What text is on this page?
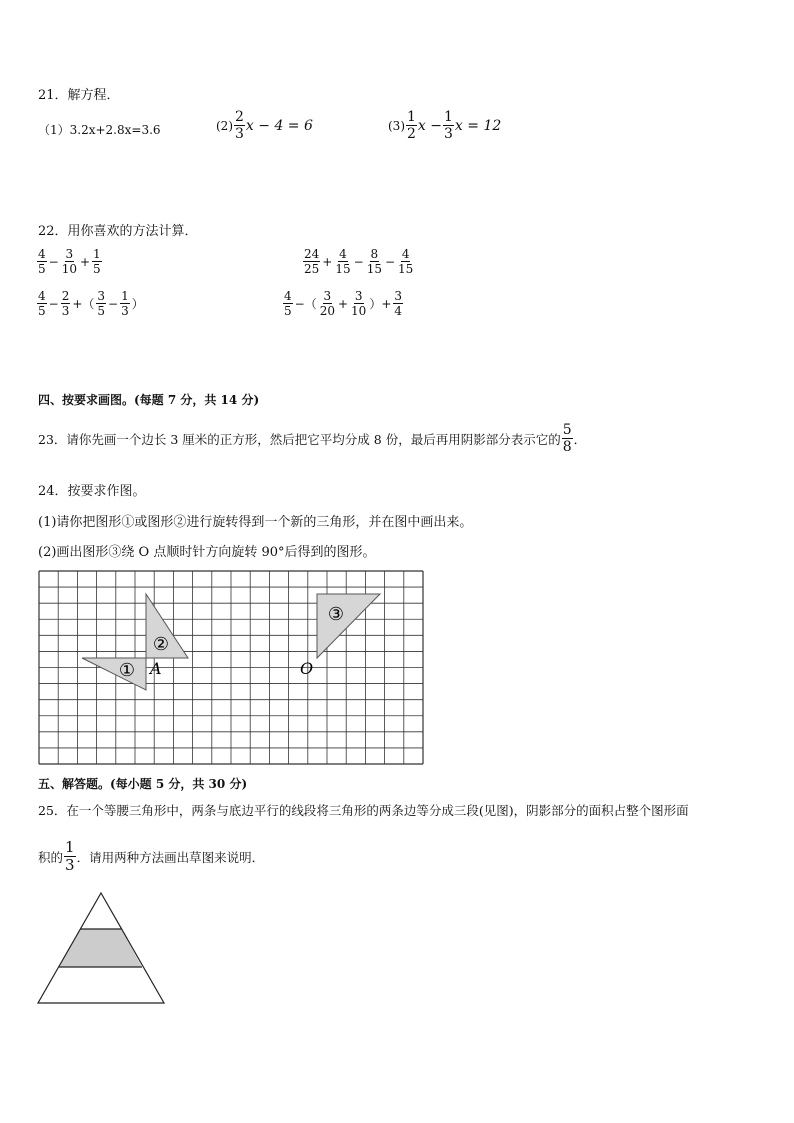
21．解方程．
（1）3.2x+2.8x=3.6	$(2) \frac{2}{3}$ x − 4 = 6	$(3) \frac{1}{2}$ $x - \frac{1}{3}$ x = 12
22．用你喜欢的方法计算．
$\frac{4}{5} - \frac{3}{10} + \frac{1}{5}$	$\frac{24}{25} + \frac{4}{15} - \frac{8}{15} - \frac{4}{15}$
$\frac{4}{5} - \frac{2}{3}$ +（ $\frac{3}{5} - \frac{1}{3}$ ）	$\frac{4}{5}$ −（ $\frac{3}{20} + \frac{3}{10}$ ）+ $\frac{3}{4}$
四、按要求画图。(每题 7 分，共 14 分)
23．请你先画一个边长 3 厘米的正方形，然后把它平均分成 8 份，最后再用阴影部分表示它的 $\frac{5}{8}$ ．
24．按要求作图。
(1)请你把图形①或图形②进行旋转得到一个新的三角形，并在图中画出来。
(2)画出图形③绕 O 点顺时针方向旋转 90°后得到的图形。
①
②
③
A	O
五、解答题。(每小题 5 分，共 30 分)
25．在一个等腰三角形中，两条与底边平行的线段将三角形的两条边等分成三段(见图)，阴影部分的面积占整个图形面
积的 $\frac{1}{3}$ ．请用两种方法画出草图来说明．
